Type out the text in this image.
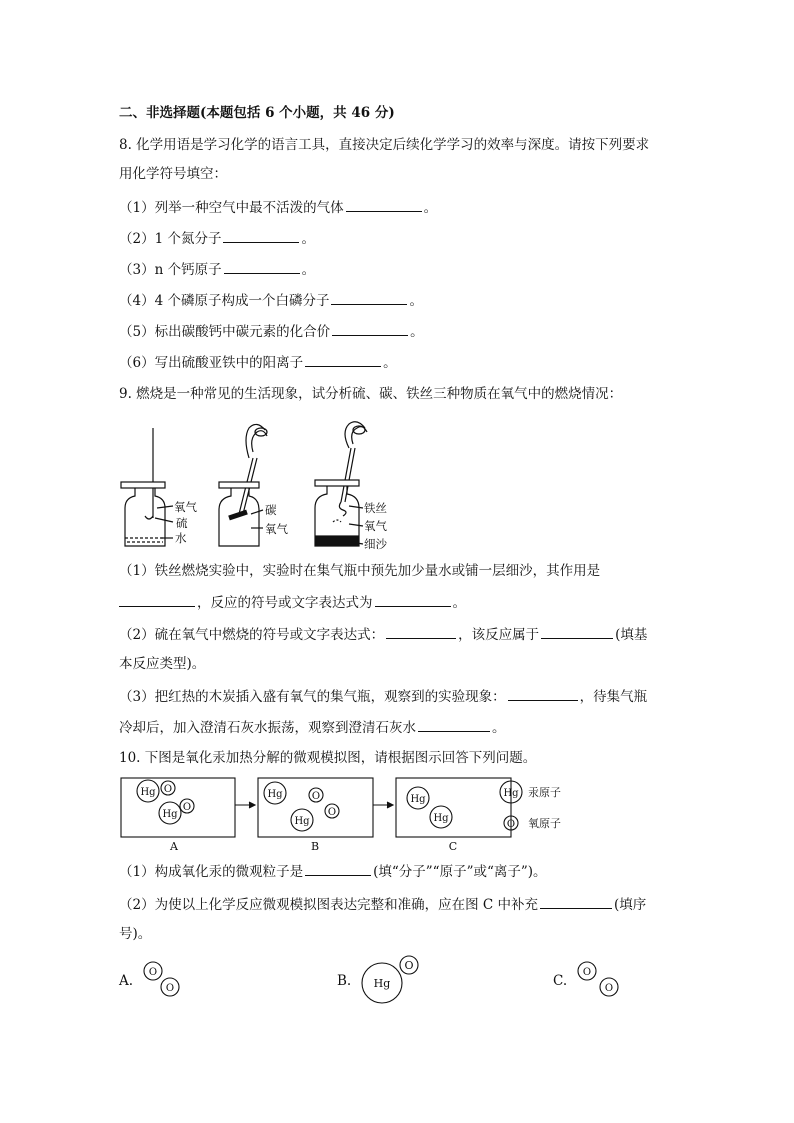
二、非选择题(本题包括 6 个小题，共 46 分)
8. 化学用语是学习化学的语言工具，直接决定后续化学学习的效率与深度。请按下列要求
用化学符号填空：
（1）列举一种空气中最不活泼的气体	。
（2）1 个氮分子	。
（3）n 个钙原子	。
（4）4 个磷原子构成一个白磷分子	。
（5）标出碳酸钙中碳元素的化合价	。
（6）写出硫酸亚铁中的阳离子	。
9. 燃烧是一种常见的生活现象，试分析硫、碳、铁丝三种物质在氧气中的燃烧情况：
氧气
硫
水
碳
氧气
铁丝
氧气
细沙
（1）铁丝燃烧实验中，实验时在集气瓶中预先加少量水或铺一层细沙，其作用是
，反应的符号或文字表达式为	。
（2）硫在氧气中燃烧的符号或文字表达式：	，该反应属于	(填基
本反应类型)。
（3）把红热的木炭插入盛有氧气的集气瓶，观察到的实验现象：	，待集气瓶
冷却后，加入澄清石灰水振荡，观察到澄清石灰水	。
10. 下图是氧化汞加热分解的微观模拟图，请根据图示回答下列问题。
Hg O
Hg
O
Hg	O
O
Hg
Hg
Hg
Hg
O
A	B	C
汞原子
氧原子
（1）构成氧化汞的微观粒子是	(填“分子”“原子”或“离子”)。
（2）为使以上化学反应微观模拟图表达完整和准确，应在图 C 中补充	(填序
号)。
A.
O
O	B. Hg
O
C.
O
O
